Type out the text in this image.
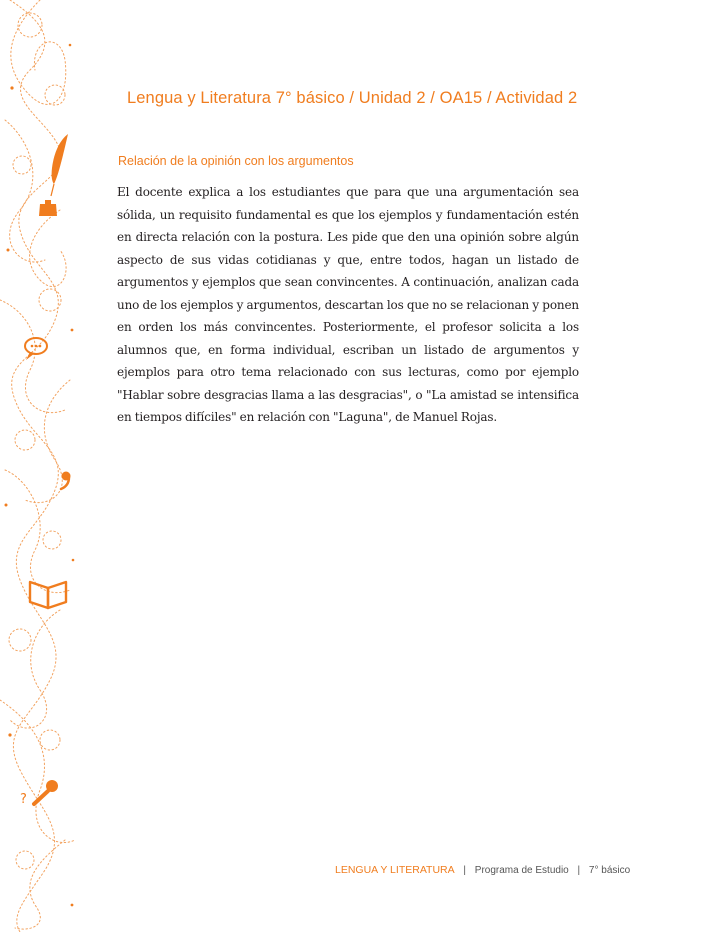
?
Lengua y Literatura 7° básico / Unidad 2 / OA15 / Actividad 2
Relación de la opinión con los argumentos

El docente explica a los estudiantes que para que una argumentación sea sólida, un requisito fundamental es que los ejemplos y fundamentación estén en directa relación con la postura. Les pide que den una opinión sobre algún aspecto de sus vidas cotidianas y que, entre todos, hagan un listado de argumentos y ejemplos que sean convincentes. A continuación, analizan cada uno de los ejemplos y argumentos, descartan los que no se relacionan y ponen en orden los más convincentes. Posteriormente, el profesor solicita a los alumnos que, en forma individual, escriban un listado de argumentos y ejemplos para otro tema relacionado con sus lecturas, como por ejemplo "Hablar sobre desgracias llama a las desgracias", o "La amistad se intensifica en tiempos difíciles" en relación con "Laguna", de Manuel Rojas.

LENGUA Y LITERATURA | Programa de Estudio | 7° básico
